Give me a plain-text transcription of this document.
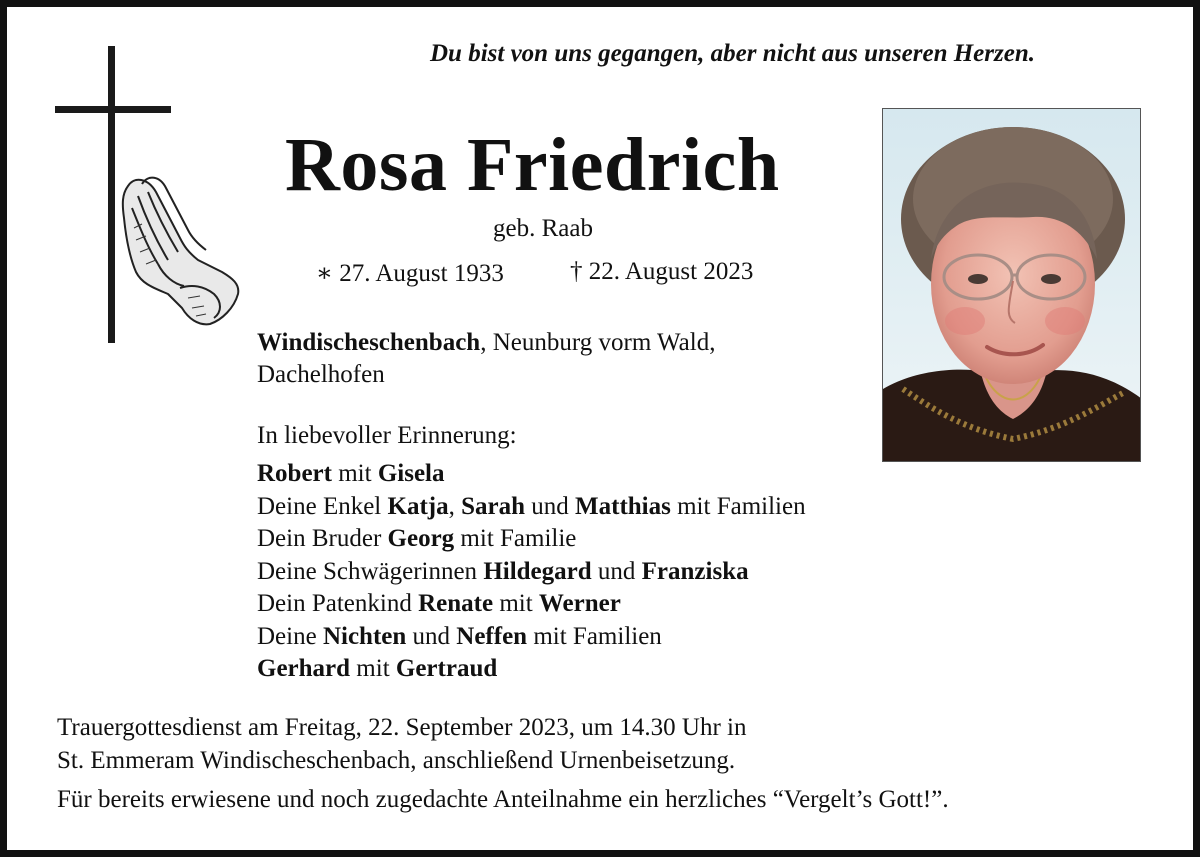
Du bist von uns gegangen, aber nicht aus unseren Herzen.
Rosa Friedrich
geb. Raab
∗ 27. August 1933	† 22. August 2023
Windischeschenbach, Neunburg vorm Wald,
Dachelhofen
In liebevoller Erinnerung:
Robert mit Gisela
Deine Enkel Katja, Sarah und Matthias mit Familien
Dein Bruder Georg mit Familie
Deine Schwägerinnen Hildegard und Franziska
Dein Patenkind Renate mit Werner
Deine Nichten und Neffen mit Familien
Gerhard mit Gertraud
Trauergottesdienst am Freitag, 22. September 2023, um 14.30 Uhr in
St. Emmeram Windischeschenbach, anschließend Urnenbeisetzung.
Für bereits erwiesene und noch zugedachte Anteilnahme ein herzliches “Vergelt’s Gott!”.
